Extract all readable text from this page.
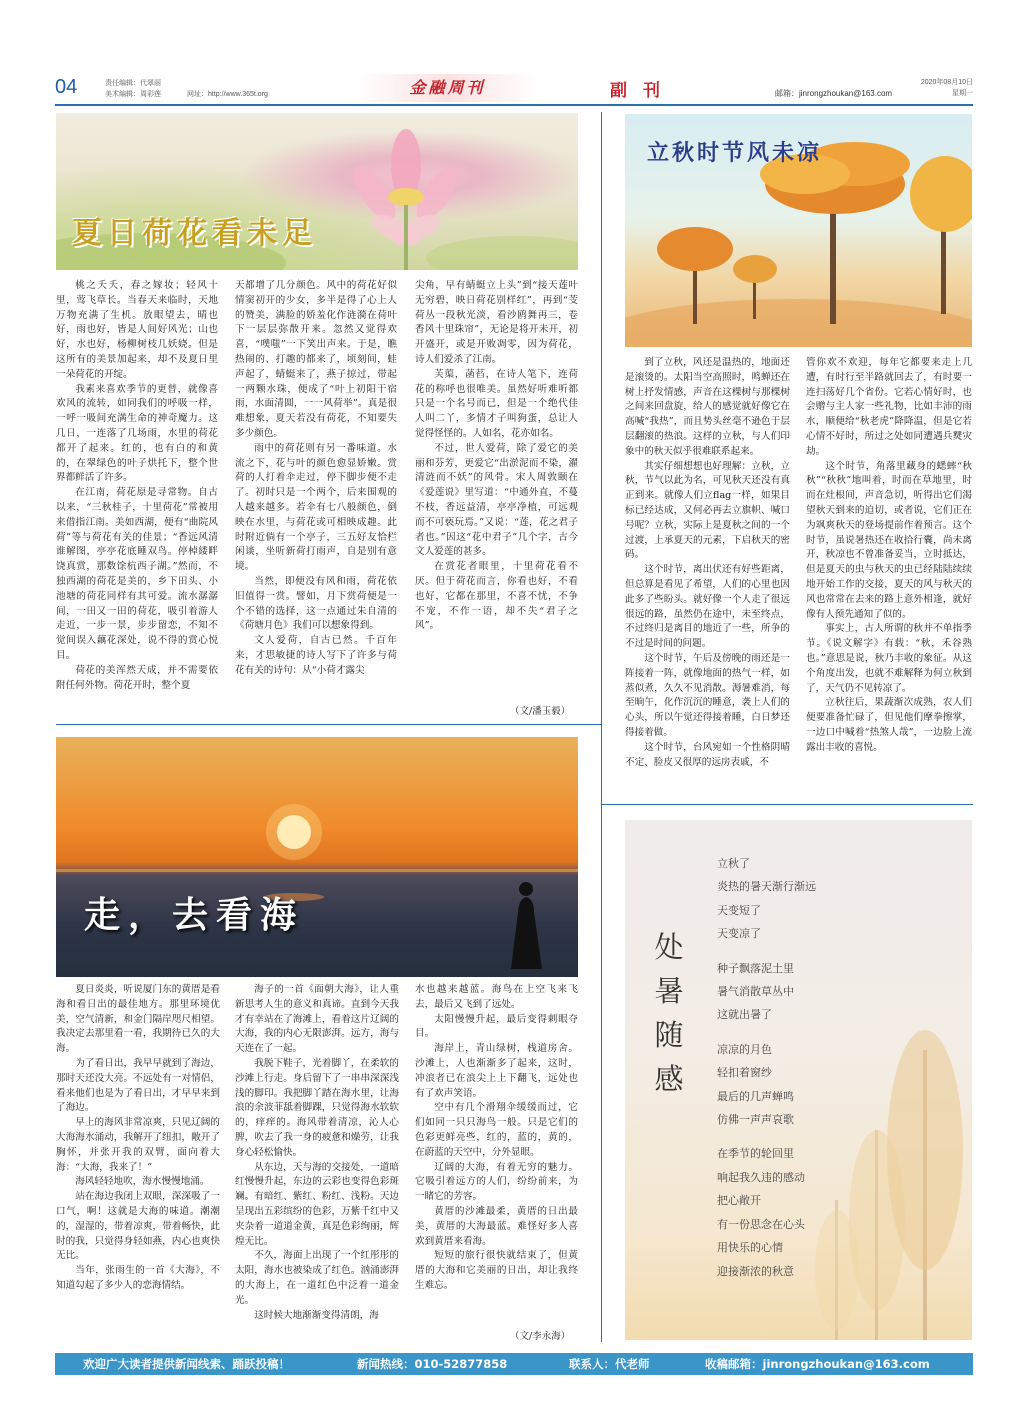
04	责任编辑：代翠丽
美术编辑：周彩莲	网址：http://www.365t.org	金融周刊	副刊	邮箱：jinrongzhoukan@163.com
2020年08月10日
星期一
夏日荷花看未足

桃之夭夭，春之嫁妆；轻风十里，莺飞草长。当春天来临时，天地万物充满了生机。放眼望去，晴也好，雨也好，皆是人间好风光；山也好，水也好，杨柳树枝几妖娆。但是这所有的美景加起来，却不及夏日里一朵荷花的开绽。

我素来喜欢季节的更替，就像喜欢风的流转，如同我们的呼吸一样，一呼一吸间充满生命的神奇魔力。这几日，一连落了几场雨，水里的荷花都开了起来。红的，也有白的和黄的，在翠绿色的叶子烘托下，整个世界都鲜活了许多。

在江南，荷花原是寻常物。自古以来，“三秋桂子，十里荷花”常被用来借指江南。美如西湖，便有“曲院风荷”等与荷花有关的佳景；“香远风清谁解图，亭亭花底睡双鸟。停棹緌畔饶真赏，那数馀杭西子湖。”然而，不独西湖的荷花是美的，乡下田头、小池塘的荷花同样有其可爱。流水潺潺间，一田又一田的荷花，吸引着游人走近，一步一景，步步留恋，不知不觉间误入藕花深处，说不得的赏心悦目。

荷花的美浑然天成，并不需要依附任何外物。荷花开时，整个夏

天都增了几分颜色。风中的荷花好似情窦初开的少女，多半是得了心上人的赞美，满脸的娇羞化作涟漪在荷叶下一层层弥散开来。忽然又觉得欢喜，“噗嗤”一下笑出声来。于是，瞧热闹的、打趣的都来了，顷刻间，蛙声起了，蜻蜓来了，燕子掠过，带起一两颗水珠，便成了“叶上初阳干宿雨，水面清圆，一一风荷举”。真是很难想象，夏天若没有荷花，不知要失多少颜色。

雨中的荷花则有另一番味道。水流之下，花与叶的颜色愈显娇嫩。赏荷的人打着伞走过，停下脚步便不走了。初时只是一个两个，后来围观的人越来越多。若伞有七八般颜色，倒映在水里，与荷花或可相映成趣。此时附近倘有一个亭子，三五好友恰栏闲谈，坐听新荷打雨声，自是别有意境。

当然，即便没有风和雨，荷花依旧值得一赏。譬如，月下赏荷便是一个不错的选择，这一点通过朱自清的《荷塘月色》我们可以想象得到。

文人爱荷，自古已然。千百年来，才思敏捷的诗人写下了许多与荷花有关的诗句：从“小荷才露尖

尖角，早有蜻蜓立上头”到“接天莲叶无穷碧，映日荷花别样红”，再到“芰荷丛一段秋光淡，看沙鸥舞再三，卷香风十里珠帘”，无论是将开未开，初开盛开，或是开败凋零，因为荷花，诗人们爱杀了江南。

芙蕖，菡萏，在诗人笔下，连荷花的称呼也很唯美。虽然好听难听都只是一个名号而已，但是一个绝代佳人叫二丫，多情才子叫狗蛋，总让人觉得怪怪的。人如名，花亦如名。

不过，世人爱荷，除了爱它的美丽和芬芳，更爱它“出淤泥而不染，濯清涟而不妖”的风骨。宋人周敦颐在《爱莲说》里写道：“中通外直，不蔓不枝，香远益清，亭亭净植，可远观而不可亵玩焉。”又说：“莲，花之君子者也。”因这“花中君子”几个字，古今文人爱莲的甚多。

在赏花者眼里，十里荷花看不厌。但于荷花而言，你看也好，不看也好，它都在那里，不喜不忧，不争不宠，不作一语，却不失“君子之风”。

（文/潘玉毅）
立秋时节风未凉

到了立秋，风还是温热的，地面还是滚烫的。太阳当空高照时，鸣蝉还在树上抒发情感，声音在这棵树与那棵树之间来回盘旋，给人的感觉就好像它在高喊“我热”，而且势头丝毫不逊色于层层翻滚的热浪。这样的立秋，与人们印象中的秋天似乎很难联系起来。

其实仔细想想也好理解：立秋，立秋，节气以此为名，可见秋天还没有真正到来。就像人们立flag一样，如果目标已经达成，又何必再去立旗帜、喊口号呢？立秋，实际上是夏秋之间的一个过渡，上承夏天的元素，下启秋天的密码。

这个时节，离出伏还有好些距离，但总算是看见了希望，人们的心里也因此多了些盼头。就好像一个人走了很远很远的路，虽然仍在途中，未至终点，不过终归是离目的地近了一些，所争的不过是时间的问题。

这个时节，午后及傍晚的雨还是一阵接着一阵，就像地面的热气一样，如蒸似煮，久久不见消散。溽暑难消，每至晌午，化作沉沉的睡意，袭上人们的心头，所以午觉还得接着睡，白日梦还得接着做。

这个时节，台风宛如一个性格阴晴不定、脸皮又很厚的远房表戚，不

管你欢不欢迎，每年它都要来走上几遭，有时行至半路就回去了，有时要一连扫荡好几个省份。它若心情好时，也会赠与主人家一些礼物，比如丰沛的雨水，顺便给“秋老虎”降降温，但是它若心情不好时，所过之处如同遭遇兵燹灾劫。

这个时节，角落里藏身的蟋蟀“秋秋”“秋秋”地叫着，时而在草地里，时而在灶根间，声音急切，听得出它们渴望秋天到来的迫切，或者说，它们正在为飒爽秋天的登场提前作着预言。这个时节，虽说暑热还在收拾行囊，尚未离开，秋凉也不曾准备妥当，立时抵达，但是夏天的虫与秋天的虫已经陆陆续续地开始工作的交接，夏天的风与秋天的风也常常在去来的路上意外相逢，就好像有人预先通知了似的。

事实上，古人所谓的秋并不单指季节。《说文解字》有载：“秋，禾谷熟也。”意思是说，秋乃丰收的象征。从这个角度出发，也就不难解释为何立秋到了，天气仍不见转凉了。

立秋往后，果蔬渐次成熟，农人们便要准备忙碌了，但见他们摩拳擦掌，一边口中喊着“热煞人哉”，一边脸上流露出丰收的喜悦。

走，去看海

夏日炎炎，听说厦门东的黄厝是看海和看日出的最佳地方。那里环境优美，空气清新，和金门隔岸咫尺相望。我决定去那里看一看，我期待已久的大海。

为了看日出，我早早就到了海边，那时天还没大亮。不远处有一对情侣，看来他们也是为了看日出，才早早来到了海边。

早上的海风非常凉爽，只见辽阔的大海海水涌动，我解开了纽扣，敞开了胸怀，并张开我的双臂，面向着大海：“大海，我来了！”

海风轻轻地吹，海水慢慢地涌。

站在海边我闭上双眼，深深吸了一口气，啊！这就是大海的味道。潮潮的，湿湿的，带着凉爽，带着畅快，此时的我，只觉得身轻如燕，内心也爽快无比。

当年，张雨生的一首《大海》，不知道勾起了多少人的恋海情结。

海子的一首《面朝大海》，让人重新思考人生的意义和真谛。直到今天我才有幸站在了海滩上，看着这片辽阔的大海，我的内心无限澎湃。远方，海与天连在了一起。

我脱下鞋子，光着脚丫，在柔软的沙滩上行走。身后留下了一串串深深浅浅的脚印。我把脚丫踏在海水里，让海浪的余波菲舐着脚踝，只觉得海水软软的，痒痒的。海风带着清凉，沁人心脾，吹去了我一身的疲惫和燥劳，让我身心轻松愉快。

从东边，天与海的交接处，一道暗红慢慢升起，东边的云彩也变得色彩斑斓。有暗红、紫红、粉红、浅粉。天边呈现出五彩缤纷的色彩，万紫千红中又夹杂着一道道金黄，真是色彩绚丽，辉煌无比。

不久，海面上出现了一个红彤彤的太阳，海水也被染成了红色。汹涌澎湃的大海上，在一道红色中泛着一道金光。

这时候大地渐渐变得清朗，海

水也越来越蓝。海鸟在上空飞来飞去，最后又飞到了远处。

太阳慢慢升起，最后变得刺眼夺目。

海岸上，青山绿树，栈道房舍。沙滩上，人也渐渐多了起来，这时，冲浪者已在浪尖上上下翻飞，远处也有了欢声笑语。

空中有几个滑翔伞缓缓而过，它们如同一只只海鸟一般。只是它们的色彩更鲜亮些，红的，蓝的，黄的，在蔚蓝的天空中，分外显眼。

辽阔的大海，有着无穷的魅力。它吸引着远方的人们，纷纷前来，为一睹它的芳容。

黄厝的沙滩最柔，黄厝的日出最美，黄厝的大海最蓝。难怪好多人喜欢到黄厝来看海。

短短的旅行很快就结束了，但黄厝的大海和它美丽的日出，却让我终生难忘。

（文/李永海）
处
暑
随
感
立秋了
炎热的暑天渐行渐远
天变短了
天变凉了
种子飘落泥土里
暑气消散草丛中
这就出暑了
凉凉的月色
轻扣着窗纱
最后的几声蝉鸣
仿佛一声声哀歌
在季节的轮回里
响起我久违的感动
把心敞开
有一份思念在心头
用快乐的心情
迎接渐浓的秋意
欢迎广大读者提供新闻线索、踊跃投稿！	新闻热线：010-52877858	联系人：代老师	收稿邮箱：jinrongzhoukan@163.com
